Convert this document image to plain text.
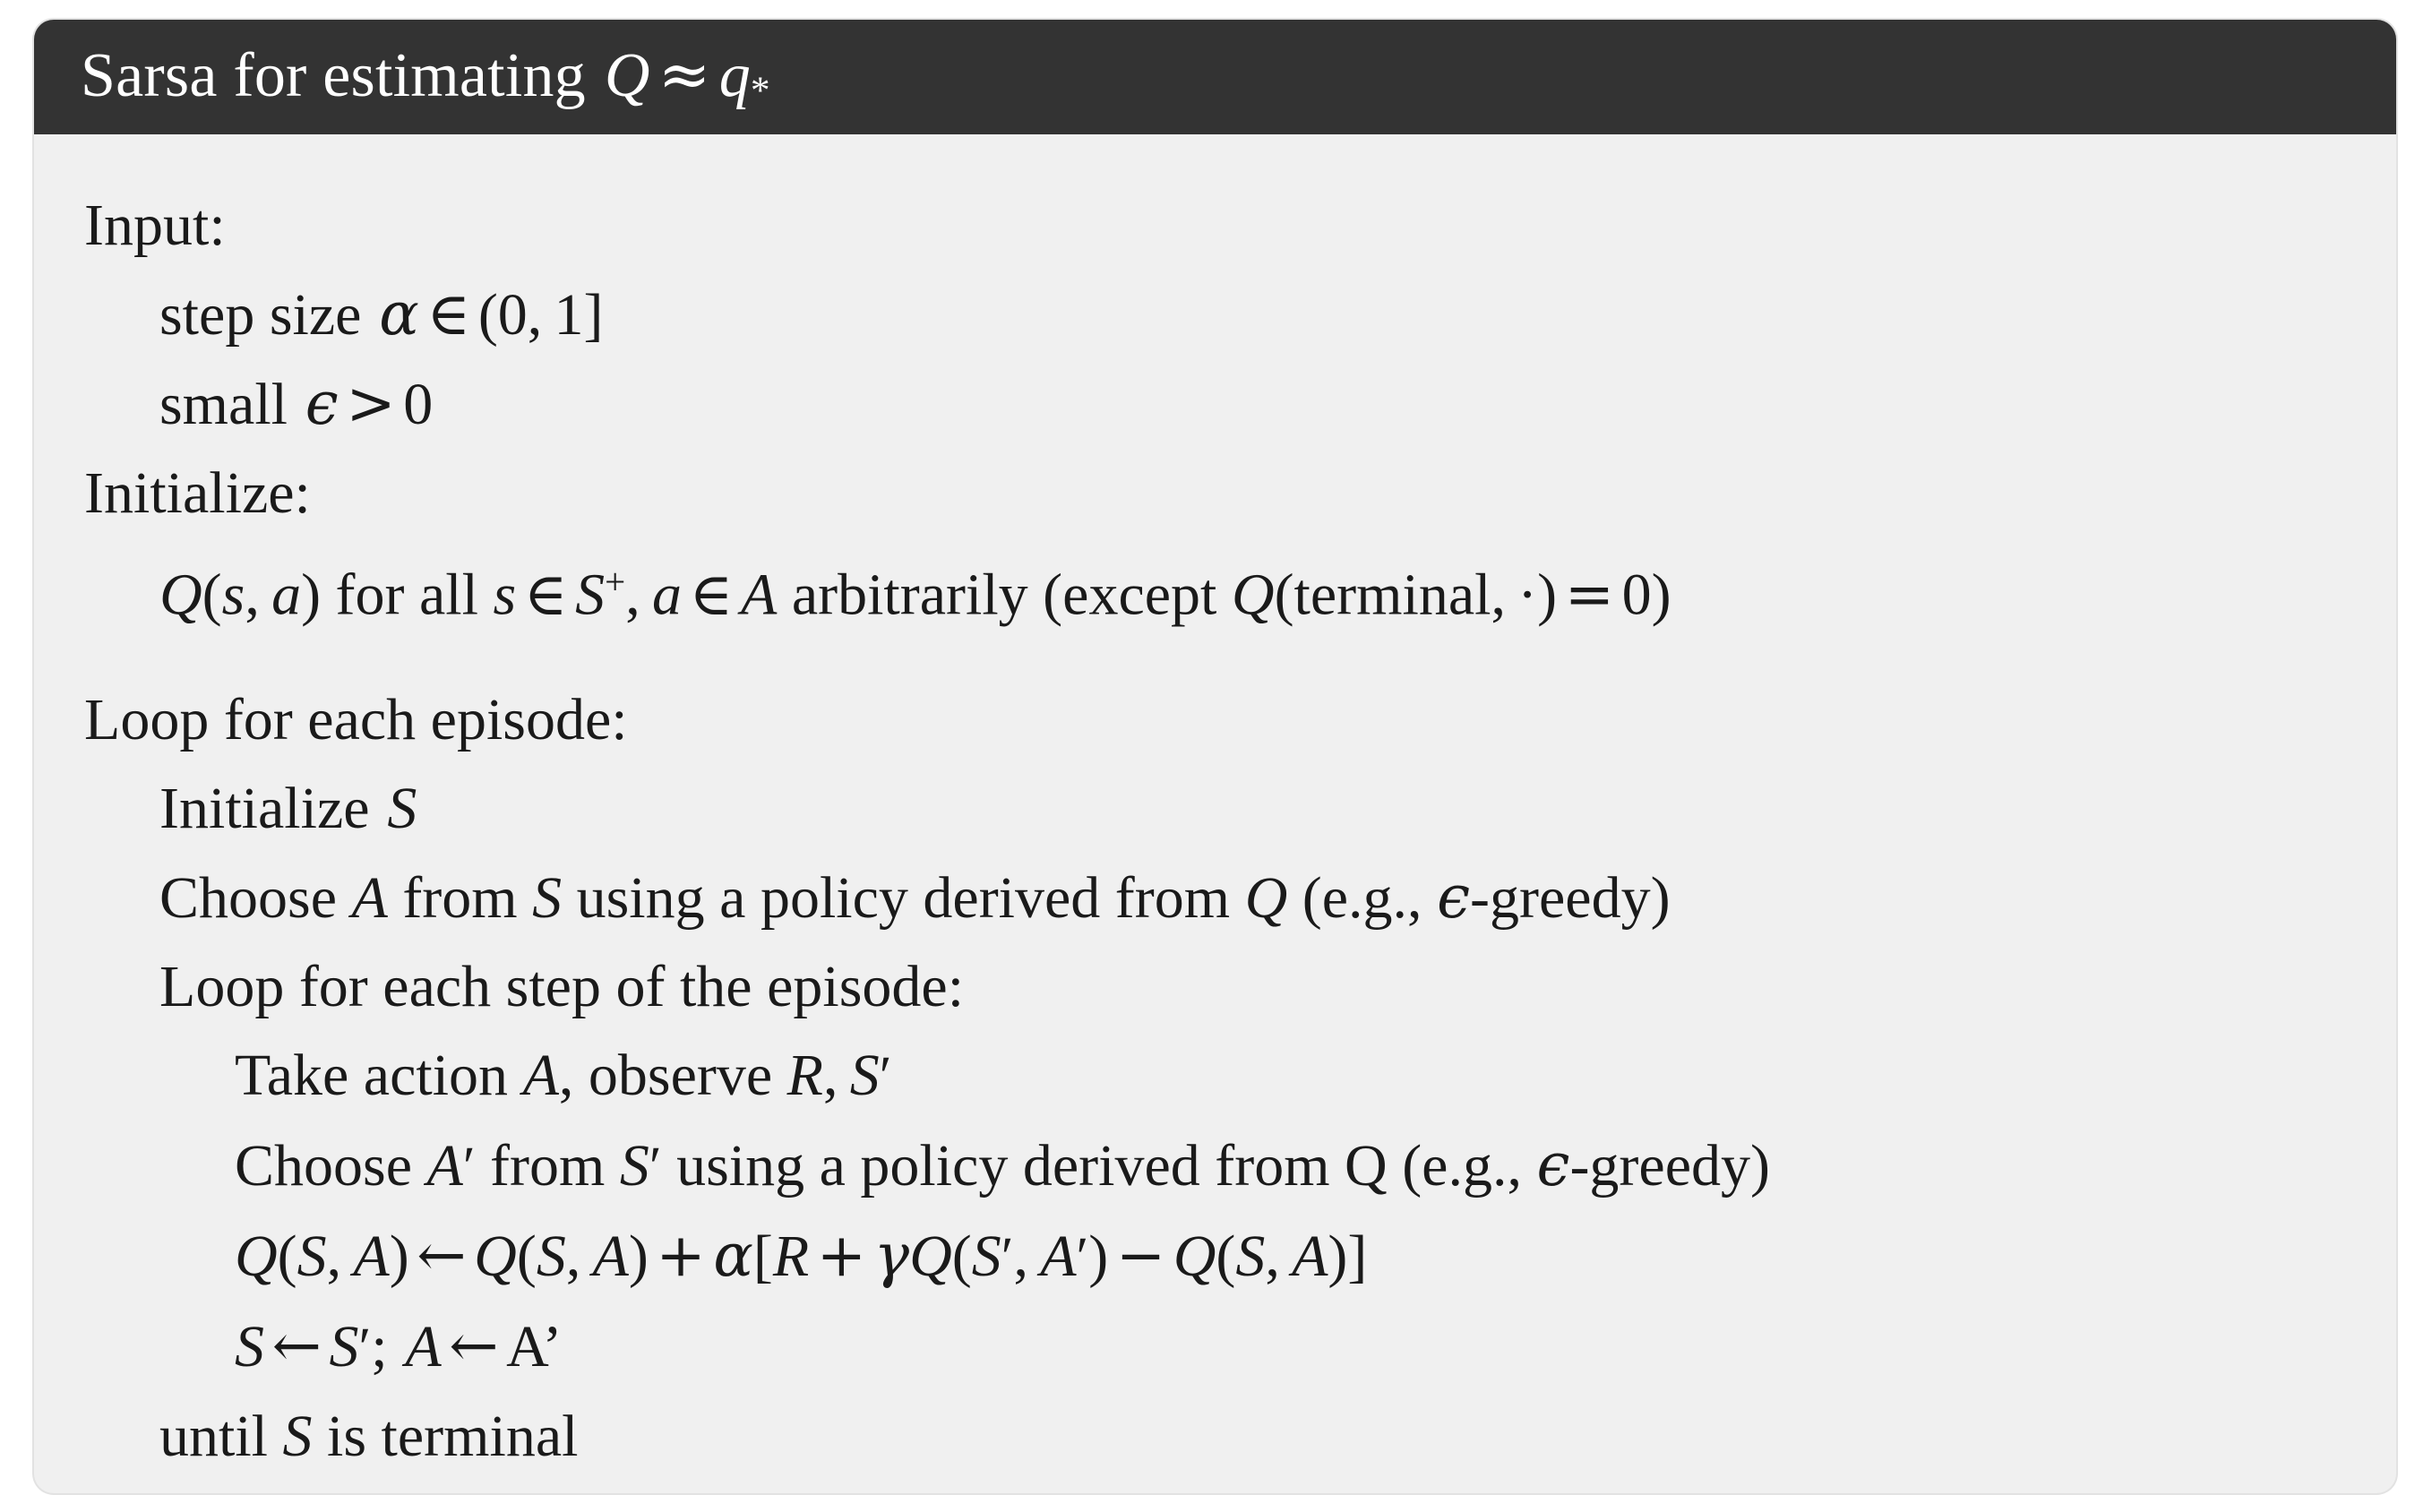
Sarsa for estimating $Q \approx q_*$
Input:
step size α ∈ (0, 1]
small ϵ > 0
Initialize:
Q(s, a) for all s ∈ S+, a ∈ A arbitrarily (except Q(terminal, ·) = 0)
Loop for each episode:
Initialize S
Choose A from S using a policy derived from Q (e.g., ϵ-greedy)
Loop for each step of the episode:
Take action A, observe R, S′
Choose A′ from S′ using a policy derived from Q (e.g., ϵ-greedy)
Q(S, A) ← Q(S, A) + α[R + γQ(S′, A′) − Q(S, A)]
S ← S′; A ← A’
until S is terminal
